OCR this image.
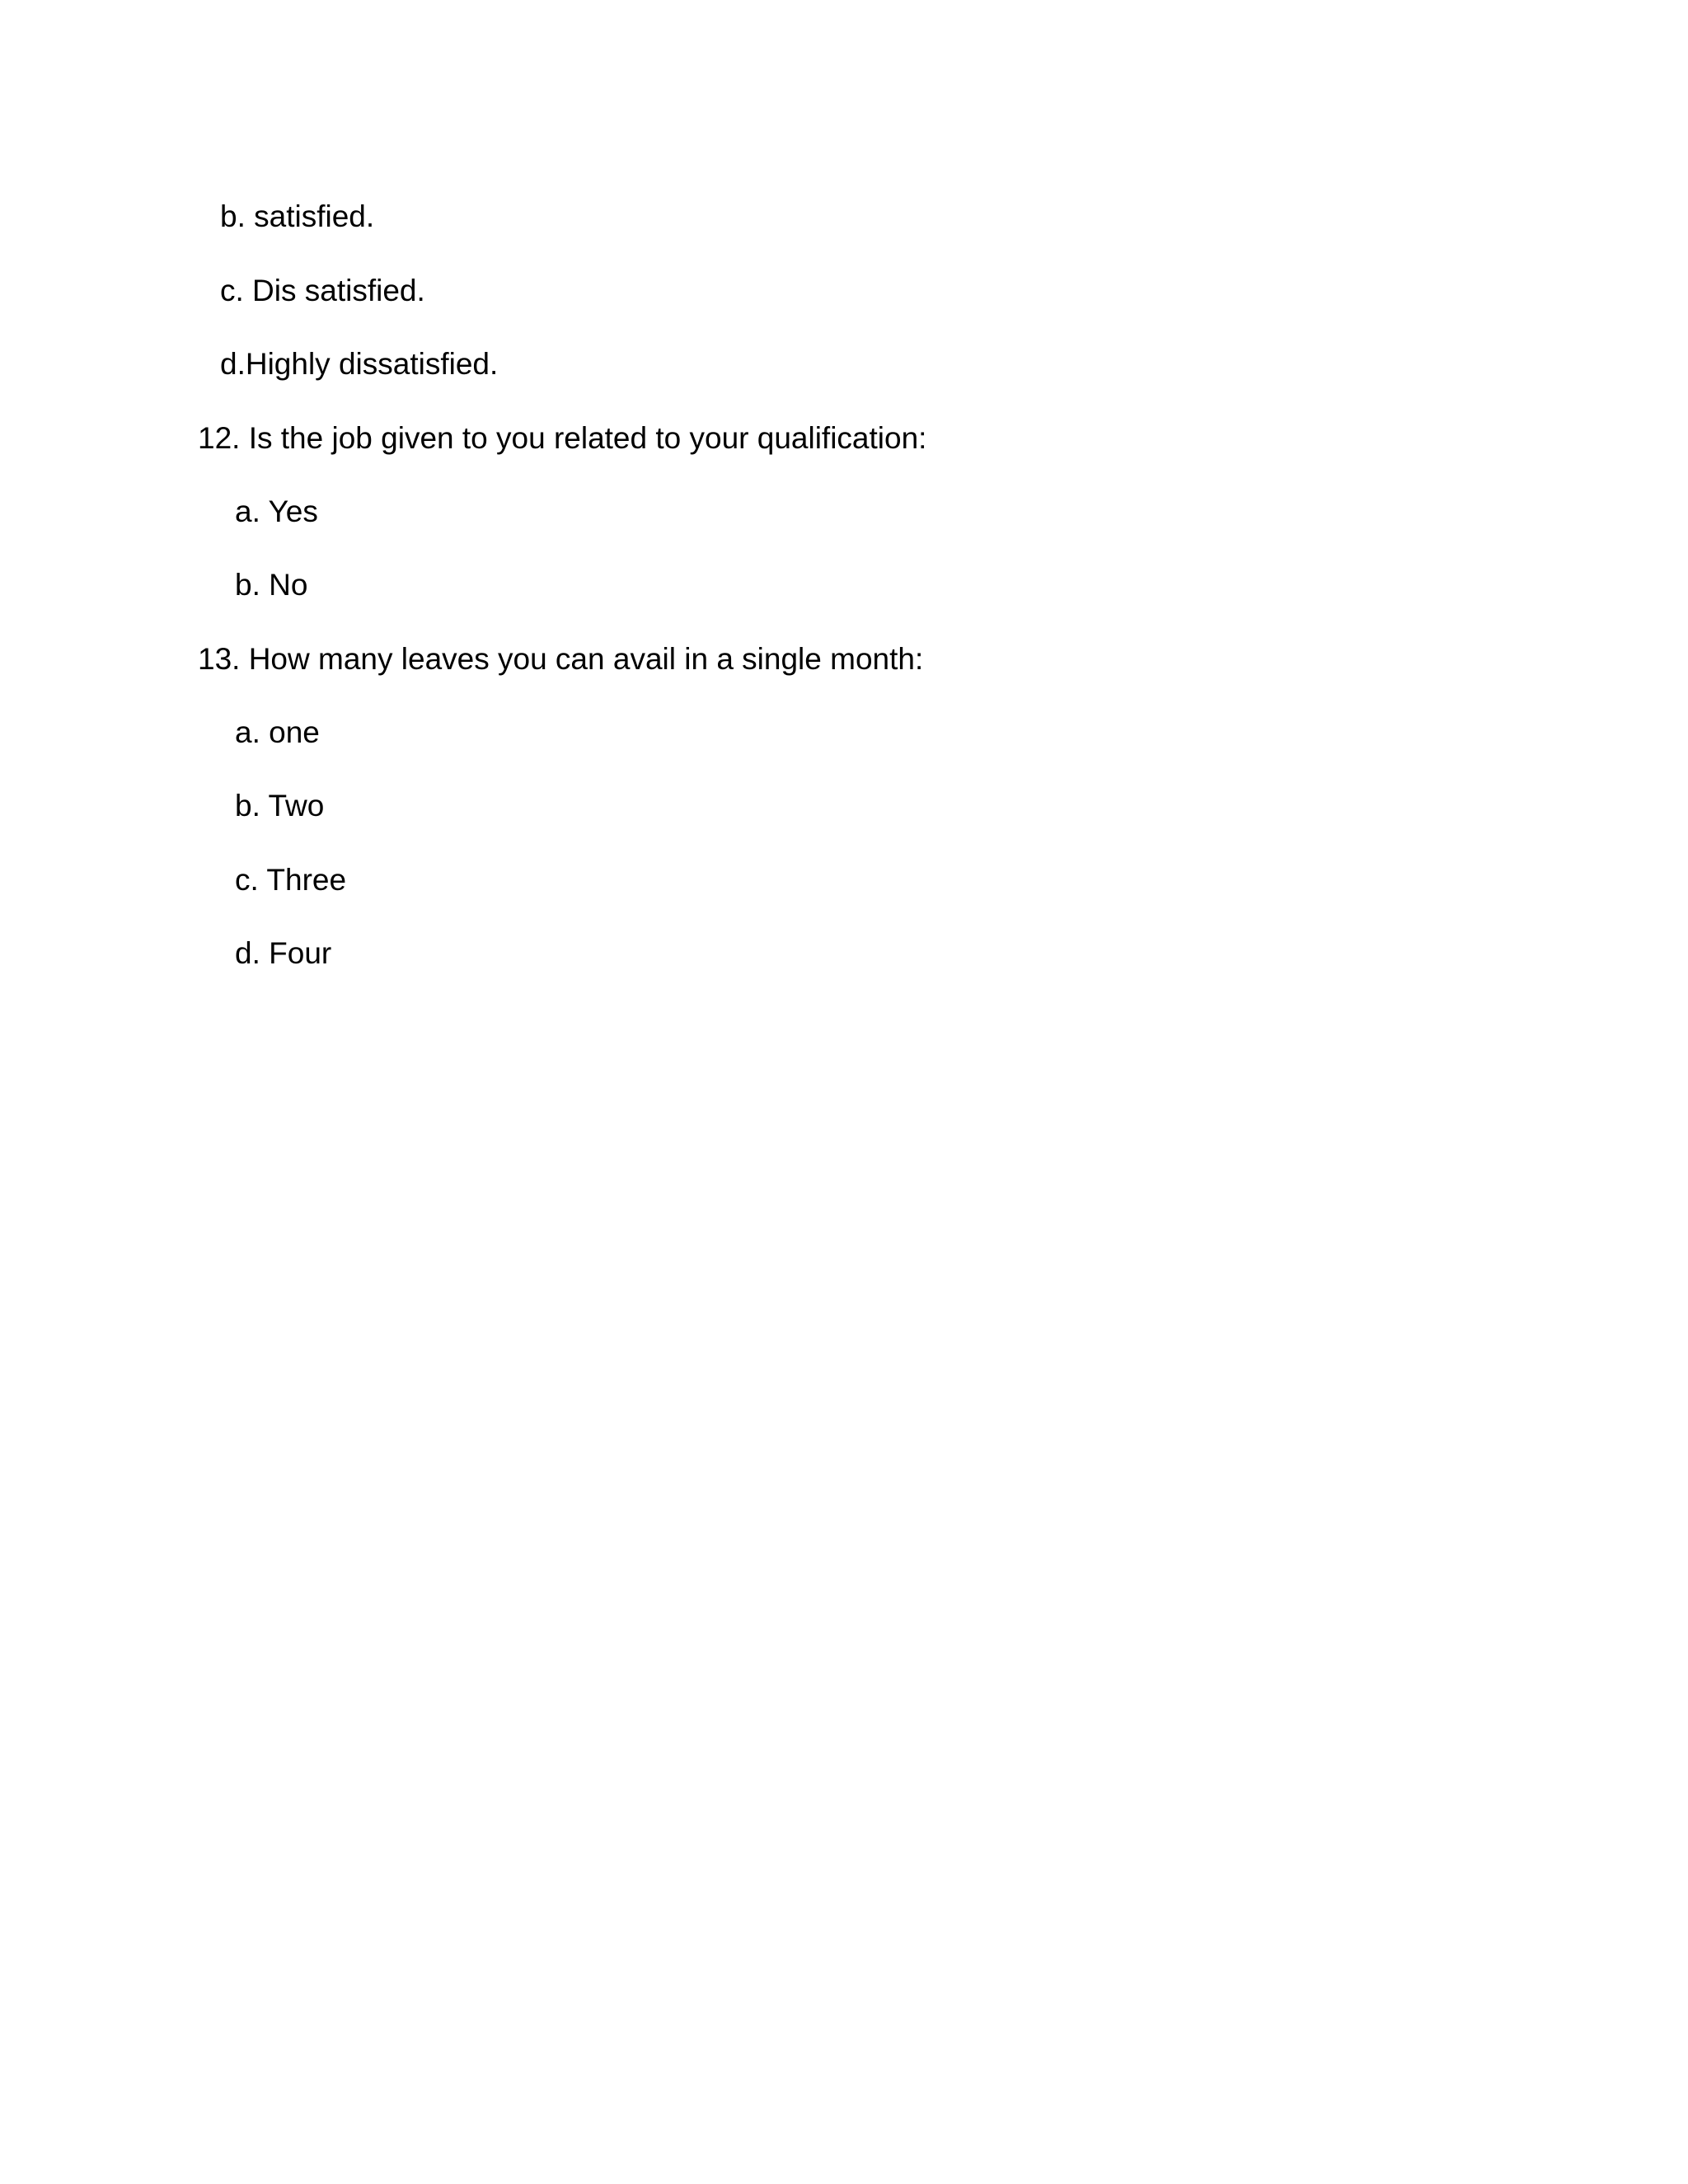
b. satisfied.
c. Dis satisfied.
d.Highly dissatisfied.
12. Is the job given to you related to your qualification:
a. Yes
b. No
13. How many leaves you can avail in a single month:
a. one
b. Two
c. Three
d. Four
